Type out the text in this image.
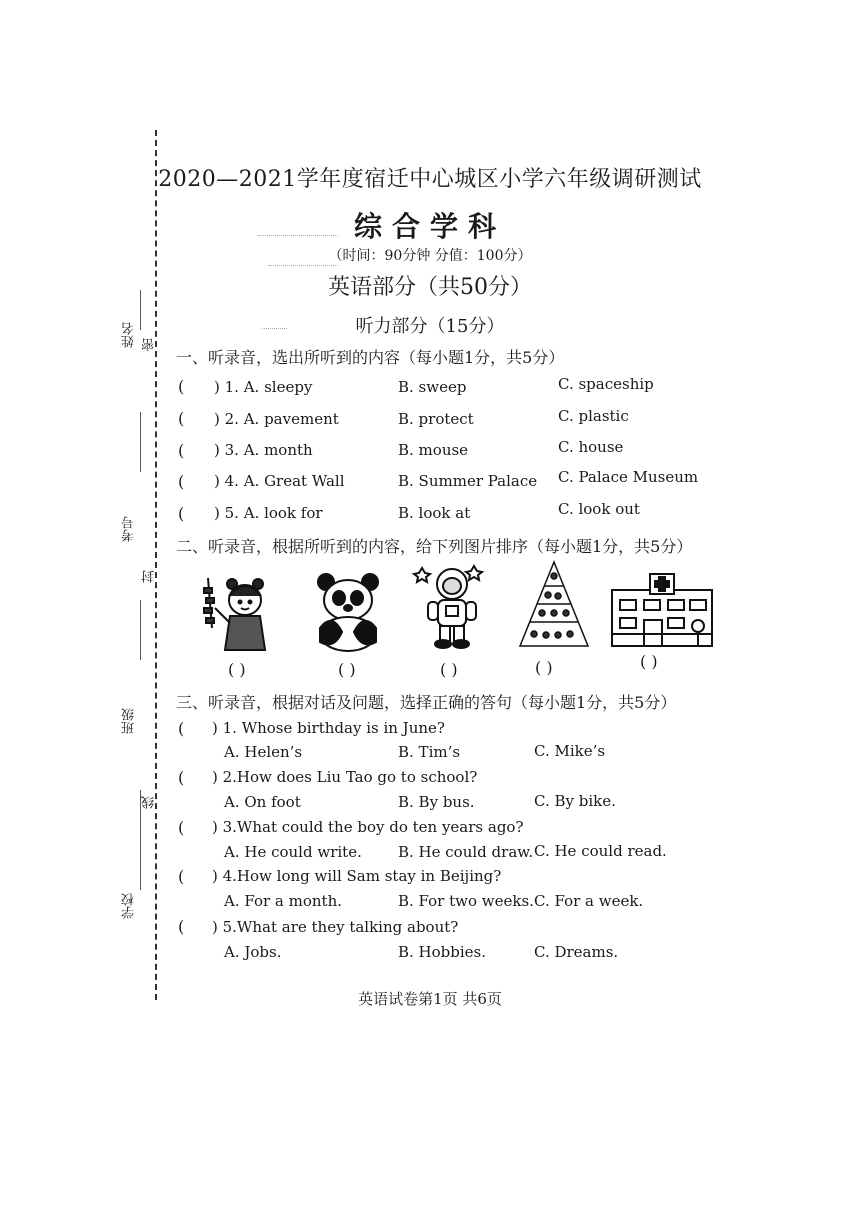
姓名 密
考号
封
班级
线
学校
2020—2021学年度宿迁中心城区小学六年级调研测试
综合学科
（时间：90分钟 分值：100分）
英语部分（共50分）
听力部分（15分）
一、听录音，选出所听到的内容（每小题1分，共5分）
( ) 1. A. sleepy	B. sweep	C. spaceship
( ) 2. A. pavement	B. protect	C. plastic
( ) 3. A. month	B. mouse	C. house
( ) 4. A. Great Wall	B. Summer Palace C. Palace Museum
( ) 5. A. look for	B. look at	C. look out
二、听录音，根据所听到的内容，给下列图片排序（每小题1分，共5分）
( )	( )	( )	( )	( )
三、听录音，根据对话及问题，选择正确的答句（每小题1分，共5分）
( ) 1. Whose birthday is in June?
A. Helen’s	B. Tim’s	C. Mike’s
( ) 2.How does Liu Tao go to school?
A. On foot	B. By bus.	C. By bike.
( ) 3.What could the boy do ten years ago?
A. He could write. B. He could draw. C. He could read.
( ) 4.How long will Sam stay in Beijing?
A. For a month.	B. For two weeks. C. For a week.
( ) 5.What are they talking about?
A. Jobs.	B. Hobbies.	C. Dreams.
英语试卷第1页 共6页
